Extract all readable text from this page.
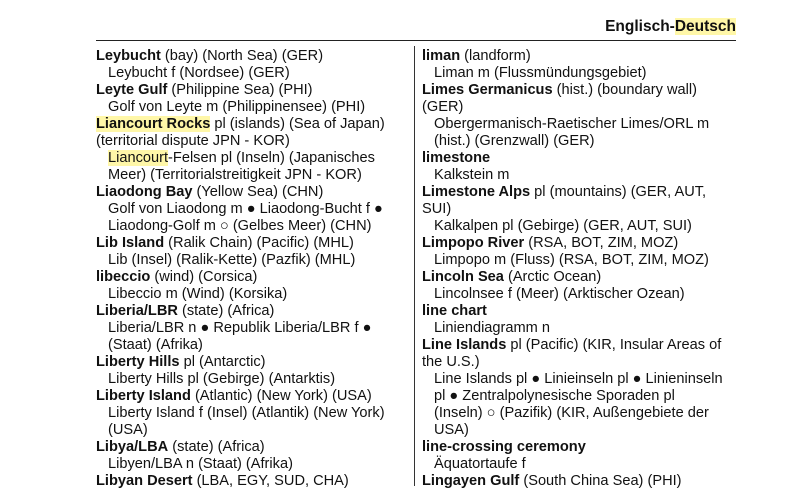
Englisch-Deutsch
Leybucht (bay) (North Sea) (GER)
Leybucht f (Nordsee) (GER)
Leyte Gulf (Philippine Sea) (PHI)
Golf von Leyte m (Philippinensee) (PHI)
Liancourt Rocks pl (islands) (Sea of Japan)
(territorial dispute JPN - KOR)
Liancourt-Felsen pl (Inseln) (Japanisches
Meer) (Territorialstreitigkeit JPN - KOR)
Liaodong Bay (Yellow Sea) (CHN)
Golf von Liaodong m ● Liaodong-Bucht f ●
Liaodong-Golf m ○ (Gelbes Meer) (CHN)
Lib Island (Ralik Chain) (Pacific) (MHL)
Lib (Insel) (Ralik-Kette) (Pazfik) (MHL)
libeccio (wind) (Corsica)
Libeccio m (Wind) (Korsika)
Liberia/LBR (state) (Africa)
Liberia/LBR n ● Republik Liberia/LBR f ●
(Staat) (Afrika)
Liberty Hills pl (Antarctic)
Liberty Hills pl (Gebirge) (Antarktis)
Liberty Island (Atlantic) (New York) (USA)
Liberty Island f (Insel) (Atlantik) (New York)
(USA)
Libya/LBA (state) (Africa)
Libyen/LBA n (Staat) (Afrika)
Libyan Desert (LBA, EGY, SUD, CHA)
liman (landform)
Liman m (Flussmündungsgebiet)
Limes Germanicus (hist.) (boundary wall)
(GER)
Obergermanisch-Raetischer Limes/ORL m
(hist.) (Grenzwall) (GER)
limestone
Kalkstein m
Limestone Alps pl (mountains) (GER, AUT,
SUI)
Kalkalpen pl (Gebirge) (GER, AUT, SUI)
Limpopo River (RSA, BOT, ZIM, MOZ)
Limpopo m (Fluss) (RSA, BOT, ZIM, MOZ)
Lincoln Sea (Arctic Ocean)
Lincolnsee f (Meer) (Arktischer Ozean)
line chart
Liniendiagramm n
Line Islands pl (Pacific) (KIR, Insular Areas of
the U.S.)
Line Islands pl ● Linieinseln pl ● Linieninseln
pl ● Zentralpolynesische Sporaden pl
(Inseln) ○ (Pazifik) (KIR, Außengebiete der
USA)
line-crossing ceremony
Äquatortaufe f
Lingayen Gulf (South China Sea) (PHI)
